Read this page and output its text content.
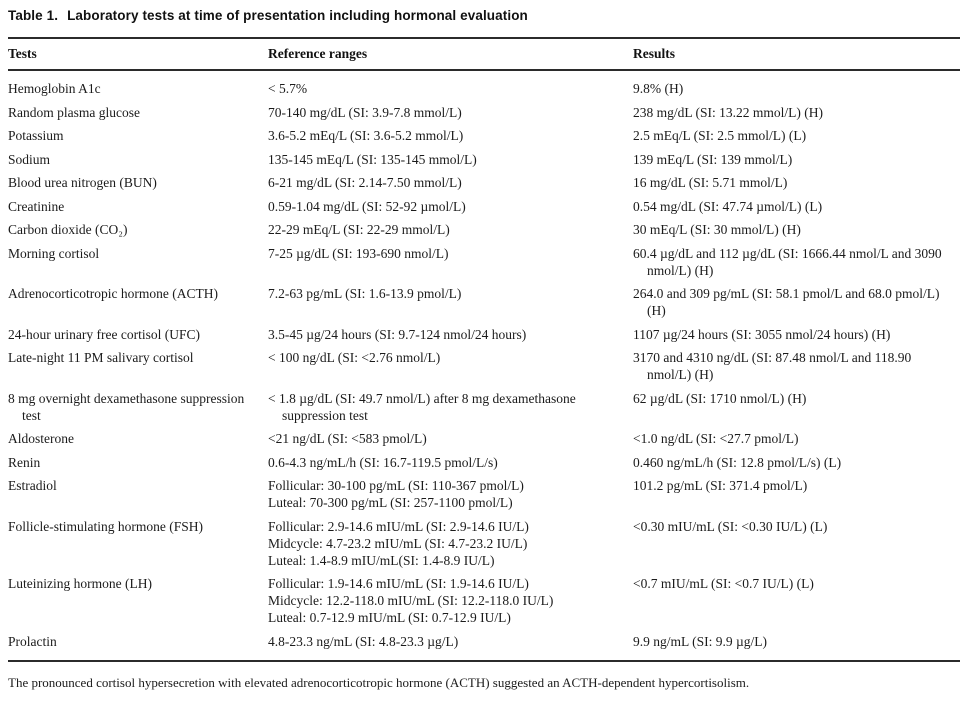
Table 1. Laboratory tests at time of presentation including hormonal evaluation

Tests	Reference ranges	Results

Hemoglobin A1c	< 5.7%	9.8% (H)

Random plasma glucose	70-140 mg/dL (SI: 3.9-7.8 mmol/L)	238 mg/dL (SI: 13.22 mmol/L) (H)

Potassium	3.6-5.2 mEq/L (SI: 3.6-5.2 mmol/L)	2.5 mEq/L (SI: 2.5 mmol/L) (L)

Sodium	135-145 mEq/L (SI: 135-145 mmol/L)	139 mEq/L (SI: 139 mmol/L)

Blood urea nitrogen (BUN)	6-21 mg/dL (SI: 2.14-7.50 mmol/L)	16 mg/dL (SI: 5.71 mmol/L)

Creatinine	0.59-1.04 mg/dL (SI: 52-92 µmol/L)	0.54 mg/dL (SI: 47.74 µmol/L) (L)

Carbon dioxide (CO₂)	22-29 mEq/L (SI: 22-29 mmol/L)	30 mEq/L (SI: 30 mmol/L) (H)

Morning cortisol	7-25 µg/dL (SI: 193-690 nmol/L)	60.4 µg/dL and 112 µg/dL (SI: 1666.44 nmol/L and 3090 nmol/L) (H)

Adrenocorticotropic hormone (ACTH)	7.2-63 pg/mL (SI: 1.6-13.9 pmol/L)	264.0 and 309 pg/mL (SI: 58.1 pmol/L and 68.0 pmol/L) (H)

24-hour urinary free cortisol (UFC)	3.5-45 µg/24 hours (SI: 9.7-124 nmol/24 hours)	1107 µg/24 hours (SI: 3055 nmol/24 hours) (H)

Late-night 11 PM salivary cortisol	< 100 ng/dL (SI: <2.76 nmol/L)	3170 and 4310 ng/dL (SI: 87.48 nmol/L and 118.90 nmol/L) (H)

8 mg overnight dexamethasone suppression test	< 1.8 µg/dL (SI: 49.7 nmol/L) after 8 mg dexamethasone suppression test	62 µg/dL (SI: 1710 nmol/L) (H)

Aldosterone	<21 ng/dL (SI: <583 pmol/L)	<1.0 ng/dL (SI: <27.7 pmol/L)

Renin	0.6-4.3 ng/mL/h (SI: 16.7-119.5 pmol/L/s)	0.460 ng/mL/h (SI: 12.8 pmol/L/s) (L)

Estradiol	Follicular: 30-100 pg/mL (SI: 110-367 pmol/L)
Luteal: 70-300 pg/mL (SI: 257-1100 pmol/L)	101.2 pg/mL (SI: 371.4 pmol/L)

Follicle-stimulating hormone (FSH)	Follicular: 2.9-14.6 mIU/mL (SI: 2.9-14.6 IU/L)
Midcycle: 4.7-23.2 mIU/mL (SI: 4.7-23.2 IU/L)
Luteal: 1.4-8.9 mIU/mL(SI: 1.4-8.9 IU/L)	<0.30 mIU/mL (SI: <0.30 IU/L) (L)

Luteinizing hormone (LH)	Follicular: 1.9-14.6 mIU/mL (SI: 1.9-14.6 IU/L)
Midcycle: 12.2-118.0 mIU/mL (SI: 12.2-118.0 IU/L)
Luteal: 0.7-12.9 mIU/mL (SI: 0.7-12.9 IU/L)	<0.7 mIU/mL (SI: <0.7 IU/L) (L)

Prolactin	4.8-23.3 ng/mL (SI: 4.8-23.3 µg/L)	9.9 ng/mL (SI: 9.9 µg/L)

The pronounced cortisol hypersecretion with elevated adrenocorticotropic hormone (ACTH) suggested an ACTH-dependent hypercortisolism.
